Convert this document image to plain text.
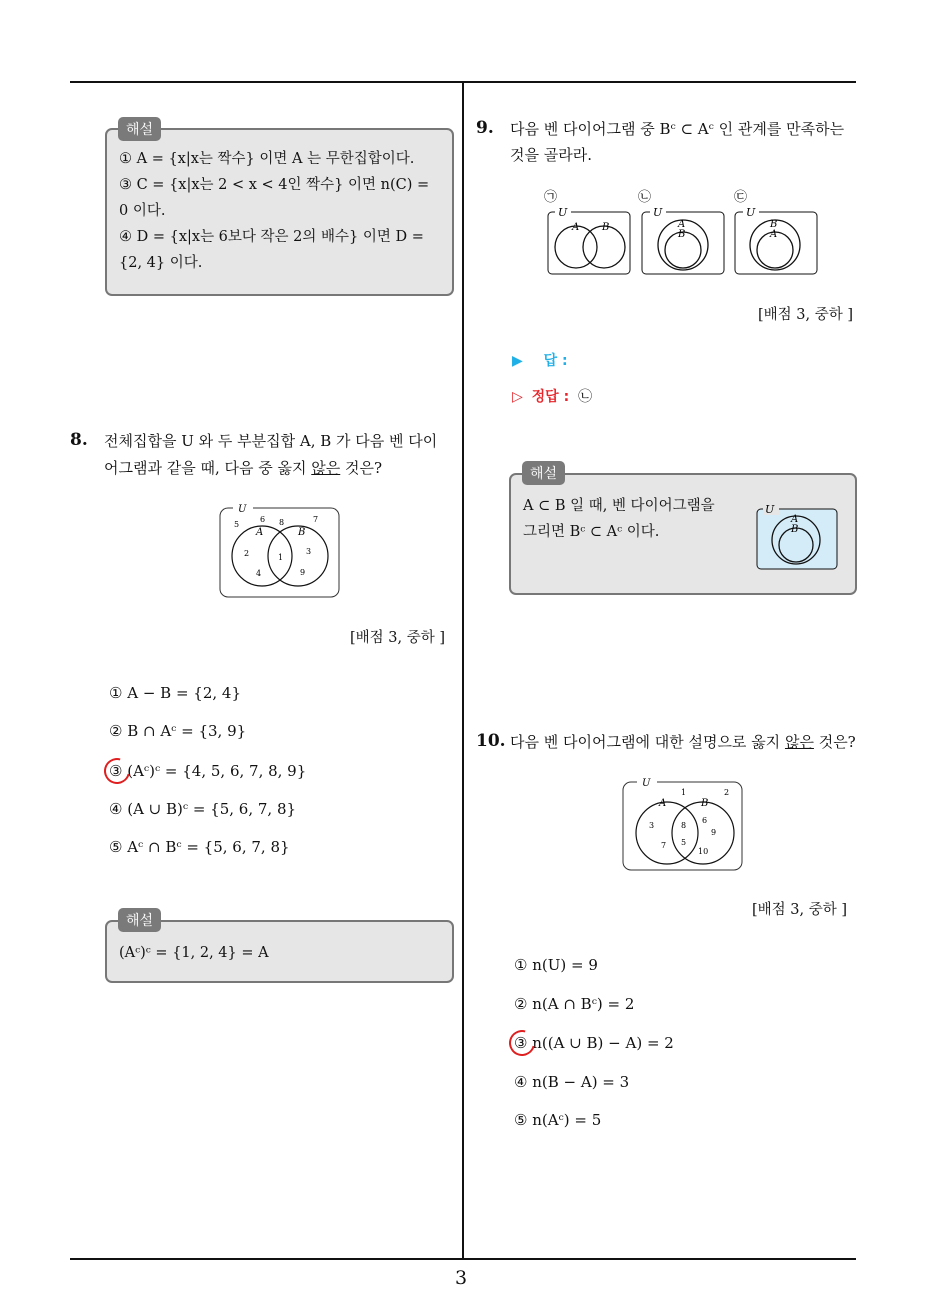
3
① A = {x|x는 짝수} 이면 A 는 무한집합이다.
③ C = {x|x는 2 < x < 4인 짝수} 이면 n(C) =
0 이다.
④ D = {x|x는 6보다 작은 2의 배수} 이면 D =
{2, 4} 이다.
해설
8. 전체집합을 U 와 두 부분집합 A, B 가 다음 벤 다이
어그램과 같을 때, 다음 중 옳지 않은 것은?
U
A	B
5
6 8	7
2	1
3
4	9
[배점 3, 중하 ]
① A − B = {2, 4}
② B ∩ Aᶜ = {3, 9}
③ (Aᶜ)ᶜ = {4, 5, 6, 7, 8, 9}
④ (A ∪ B)ᶜ = {5, 6, 7, 8}
⑤ Aᶜ ∩ Bᶜ = {5, 6, 7, 8}
(Aᶜ)ᶜ = {1, 2, 4} = A
해설
9. 다음 벤 다이어그램 중 Bᶜ ⊂ Aᶜ 인 관계를 만족하는
것을 골라라.
㉠	㉡	㉢
U
A B
U
A
B
U
B
A
[배점 3, 중하 ]
▶ 답 :
▷ 정답 : ㉡
A ⊂ B 일 때, 벤 다이어그램을
그리면 Bᶜ ⊂ Aᶜ 이다.
U
A
B
해설
10. 다음 벤 다이어그램에 대한 설명으로 옳지 않은 것은?
U
A	B
1	2
3	8
6
9
7 5
10
[배점 3, 중하 ]
① n(U) = 9
② n(A ∩ Bᶜ) = 2
③ n((A ∪ B) − A) = 2
④ n(B − A) = 3
⑤ n(Aᶜ) = 5
